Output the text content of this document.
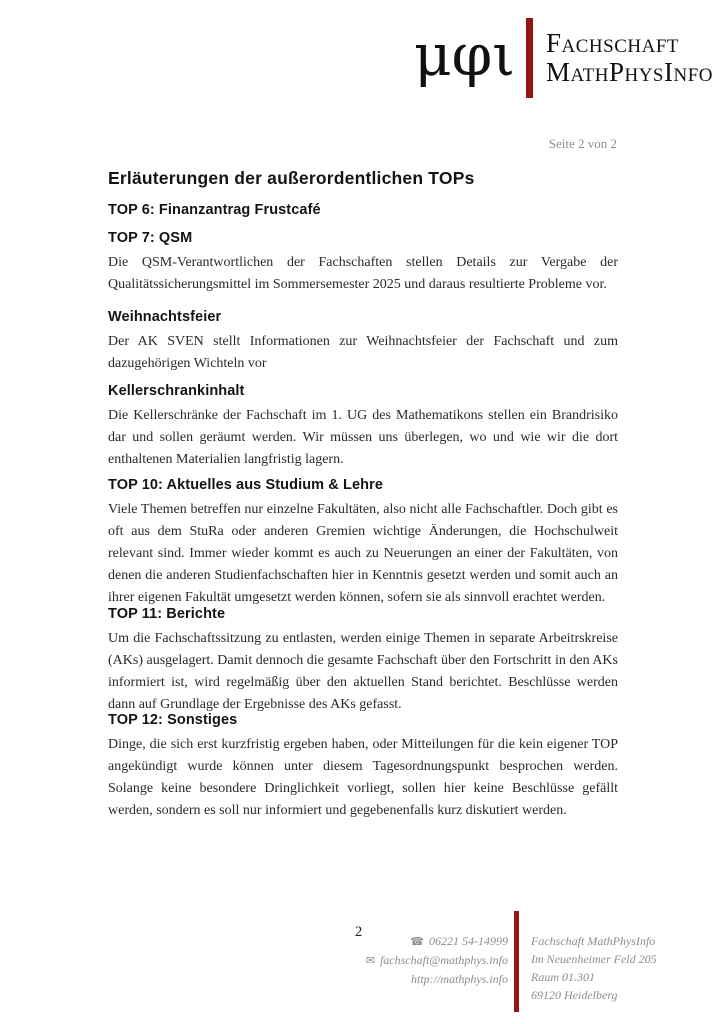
μφι Fachschaft
MathPhysInfo
Seite 2 von 2
Erläuterungen der außerordentlichen TOPs
TOP 6: Finanzantrag Frustcafé
TOP 7: QSM

Die QSM-Verantwortlichen der Fachschaften stellen Details zur Vergabe der Qualitätssicherungsmittel im Sommersemester 2025 und daraus resultierte Probleme vor.

Weihnachtsfeier

Der AK SVEN stellt Informationen zur Weihnachtsfeier der Fachschaft und zum dazugehörigen Wichteln vor

Kellerschrankinhalt

Die Kellerschränke der Fachschaft im 1. UG des Mathematikons stellen ein Brandrisiko dar und sollen geräumt werden. Wir müssen uns überlegen, wo und wie wir die dort enthaltenen Materialien langfristig lagern.

TOP 10: Aktuelles aus Studium & Lehre

Viele Themen betreffen nur einzelne Fakultäten, also nicht alle Fachschaftler. Doch gibt es oft aus dem StuRa oder anderen Gremien wichtige Änderungen, die Hochschulweit relevant sind. Immer wieder kommt es auch zu Neuerungen an einer der Fakultäten, von denen die anderen Studienfachschaften hier in Kenntnis gesetzt werden und somit auch an ihrer eigenen Fakultät umgesetzt werden können, sofern sie als sinnvoll erachtet werden.

TOP 11: Berichte

Um die Fachschaftssitzung zu entlasten, werden einige Themen in separate Arbeitrskreise (AKs) ausgelagert. Damit dennoch die gesamte Fachschaft über den Fortschritt in den AKs informiert ist, wird regelmäßig über den aktuellen Stand berichtet. Beschlüsse werden dann auf Grundlage der Ergebnisse des AKs gefasst.

TOP 12: Sonstiges

Dinge, die sich erst kurzfristig ergeben haben, oder Mitteilungen für die kein eigener TOP angekündigt wurde können unter diesem Tagesordnungspunkt besprochen werden. Solange keine besondere Dringlichkeit vorliegt, sollen hier keine Beschlüsse gefällt werden, sondern es soll nur informiert und gegebenenfalls kurz diskutiert werden.

2
☎ 06221 54-14999
✉ fachschaft@mathphys.info
http://mathphys.info
Fachschaft MathPhysInfo
Im Neuenheimer Feld 205
Raum 01.301
69120 Heidelberg
